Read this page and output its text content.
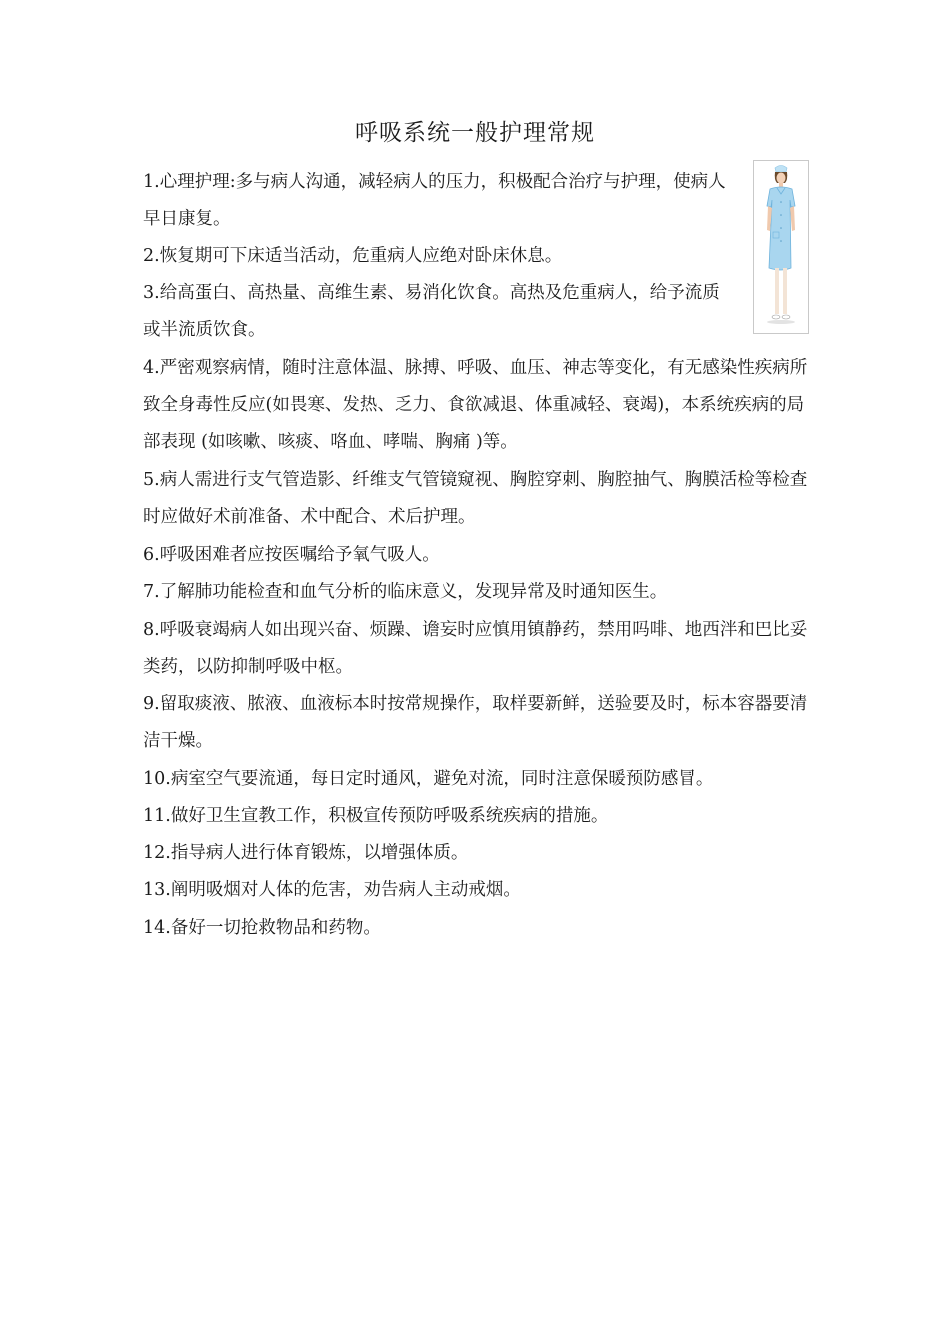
呼吸系统一般护理常规

1.心理护理:多与病人沟通，减轻病人的压力，积极配合治疗与护理，使病人早日康复。

2.恢复期可下床适当活动，危重病人应绝对卧床休息。

3.给高蛋白、高热量、高维生素、易消化饮食。高热及危重病人，给予流质或半流质饮食。

4.严密观察病情，随时注意体温、脉搏、呼吸、血压、神志等变化，有无感染性疾病所致全身毒性反应(如畏寒、发热、乏力、食欲减退、体重减轻、衰竭)，本系统疾病的局部表现 (如咳嗽、咳痰、咯血、哮喘、胸痛 )等。

5.病人需进行支气管造影、纤维支气管镜窥视、胸腔穿刺、胸腔抽气、胸膜活检等检查时应做好术前准备、术中配合、术后护理。

6.呼吸困难者应按医嘱给予氧气吸人。

7.了解肺功能检查和血气分析的临床意义，发现异常及时通知医生。

8.呼吸衰竭病人如出现兴奋、烦躁、谵妄时应慎用镇静药，禁用吗啡、地西泮和巴比妥类药，以防抑制呼吸中枢。

9.留取痰液、脓液、血液标本时按常规操作，取样要新鲜，送验要及时，标本容器要清洁干燥。

10.病室空气要流通，每日定时通风，避免对流，同时注意保暖预防感冒。

11.做好卫生宣教工作，积极宣传预防呼吸系统疾病的措施。

12.指导病人进行体育锻炼，以增强体质。

13.阐明吸烟对人体的危害，劝告病人主动戒烟。

14.备好一切抢救物品和药物。
